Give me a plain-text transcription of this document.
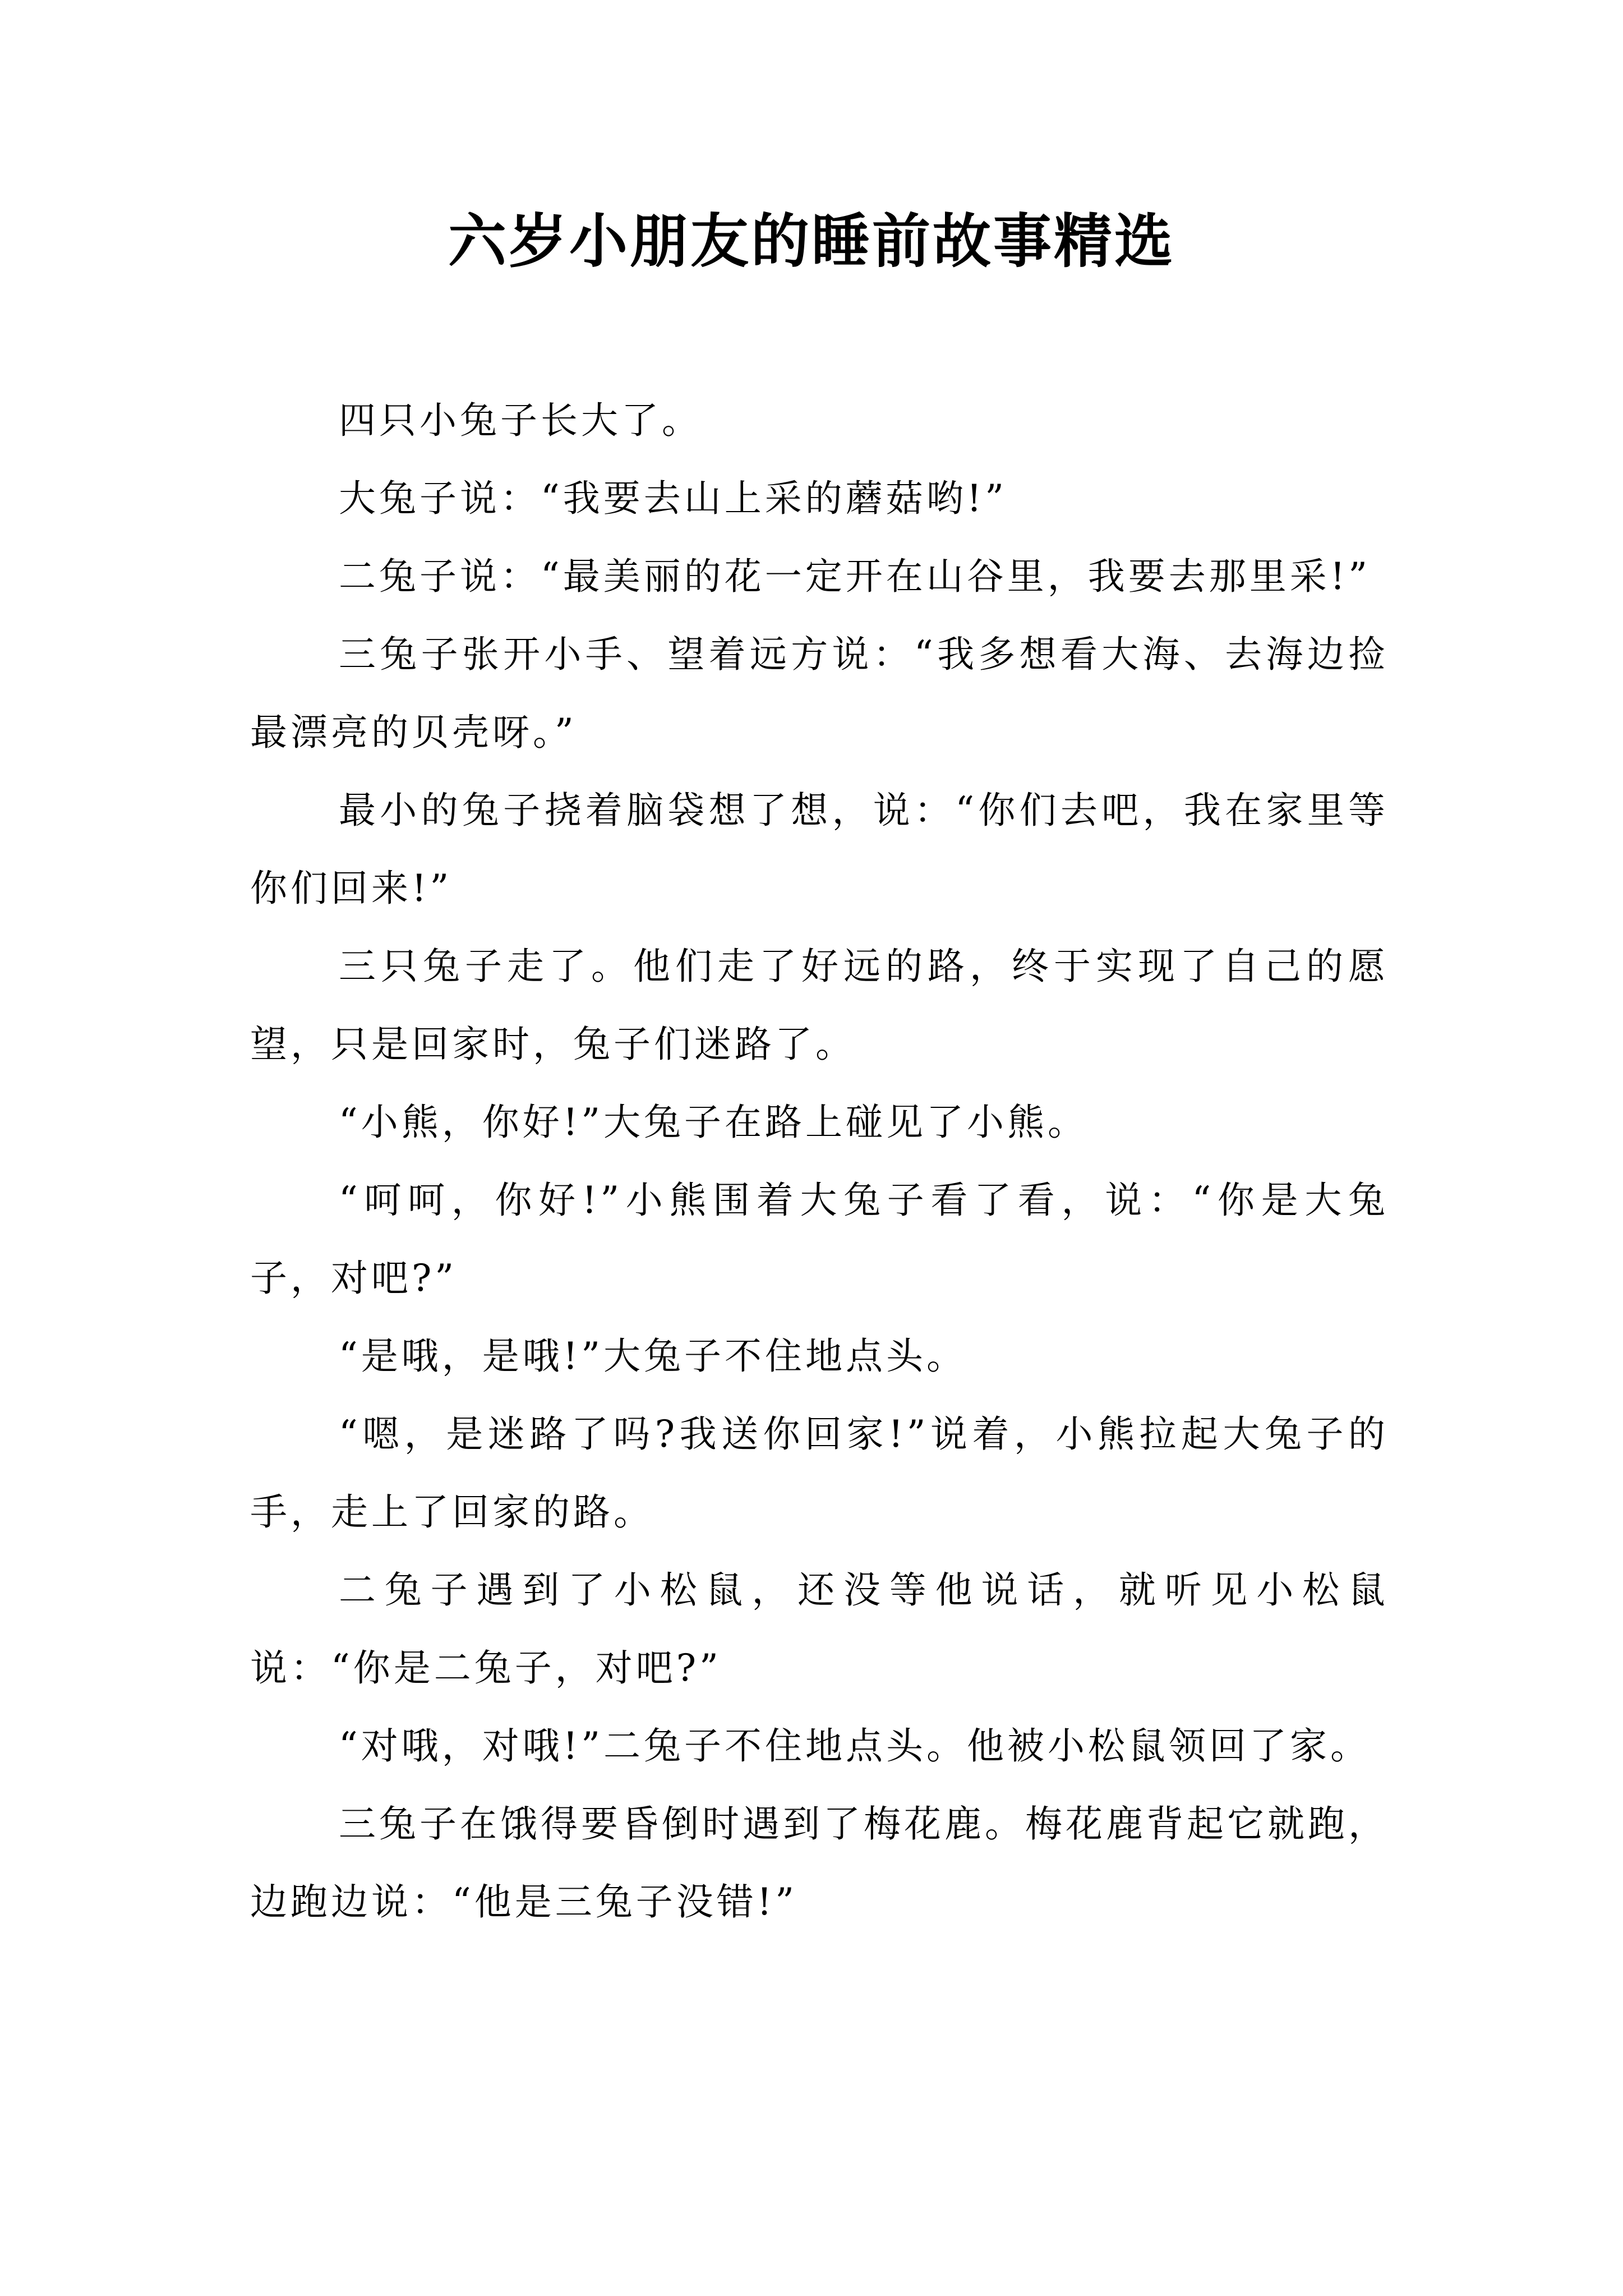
六岁小朋友的睡前故事精选

四只小兔子长大了。

大兔子说：“我要去山上采的蘑菇哟!”

二兔子说：“最美丽的花一定开在山谷里，我要去那里采!”

三兔子张开小手、望着远方说：“我多想看大海、去海边捡最漂亮的贝壳呀。”

最小的兔子挠着脑袋想了想，说：“你们去吧，我在家里等你们回来!”

三只兔子走了。他们走了好远的路，终于实现了自己的愿望，只是回家时，兔子们迷路了。

“小熊，你好!”大兔子在路上碰见了小熊。

“呵呵，你好!”小熊围着大兔子看了看，说：“你是大兔子，对吧?”

“是哦，是哦!”大兔子不住地点头。

“嗯，是迷路了吗?我送你回家!”说着，小熊拉起大兔子的手，走上了回家的路。

二兔子遇到了小松鼠，还没等他说话，就听见小松鼠说：“你是二兔子，对吧?”

“对哦，对哦!”二兔子不住地点头。他被小松鼠领回了家。

三兔子在饿得要昏倒时遇到了梅花鹿。梅花鹿背起它就跑，边跑边说：“他是三兔子没错!”
